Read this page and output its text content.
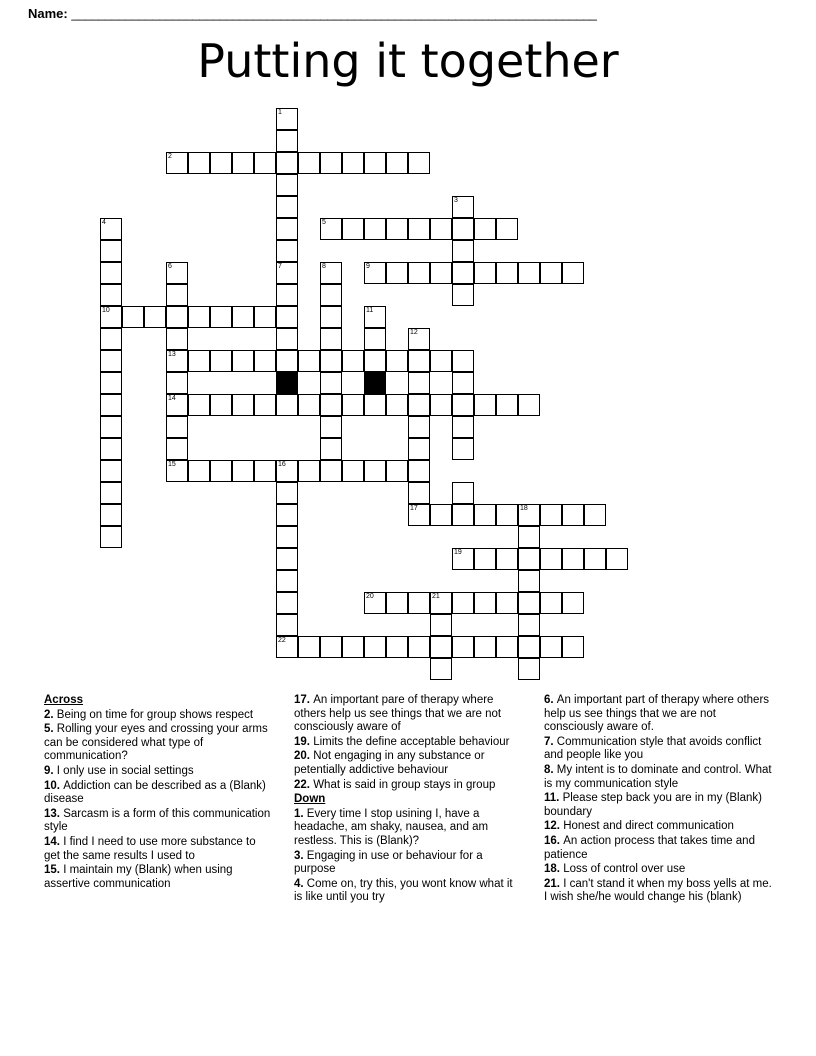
Name: ______________________________________________________________________________
Putting it together
1
2
3
4	5
6	7	8	9
10	11
12
13
14
15	16
17	18
19
20	21
22
Across
2. Being on time for group shows respect
5. Rolling your eyes and crossing your arms can be considered what type of communication?
9. I only use in social settings
10. Addiction can be described as a (Blank) disease
13. Sarcasm is a form of this communication style
14. I find I need to use more substance to get the same results I used to
15. I maintain my (Blank) when using assertive communication
17. An important pare of therapy where others help us see things that we are not consciously aware of
19. Limits the define acceptable behaviour
20. Not engaging in any substance or petentially addictive behaviour
22. What is said in group stays in group
Down
1. Every time I stop usining I, have a headache, am shaky, nausea, and am restless. This is (Blank)?
3. Engaging in use or behaviour for a purpose
4. Come on, try this, you wont know what it is like until you try
6. An important part of therapy where others help us see things that we are not consciously aware of.
7. Communication style that avoids conflict and people like you
8. My intent is to dominate and control. What is my communication style
11. Please step back you are in my (Blank) boundary
12. Honest and direct communication
16. An action process that takes time and patience
18. Loss of control over use
21. I can't stand it when my boss yells at me. I wish she/he would change his (blank)
